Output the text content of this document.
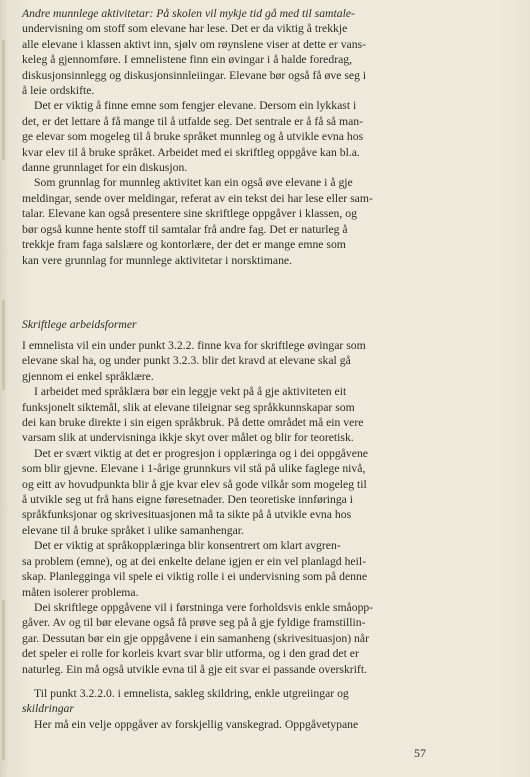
Andre munnlege aktivitetar: På skolen vil mykje tid gå med til samtale-
undervisning om stoff som elevane har lese. Det er da viktig å trekkje
alle elevane i klassen aktivt inn, sjølv om røynslene viser at dette er vans-
keleg å gjennomføre. I emnelistene finn ein øvingar i å halde foredrag,
diskusjonsinnlegg og diskusjonsinnleiingar. Elevane bør også få øve seg i
å leie ordskifte.
Det er viktig å finne emne som fengjer elevane. Dersom ein lykkast i
det, er det lettare å få mange til å utfalde seg. Det sentrale er å få så man-
ge elevar som mogeleg til å bruke språket munnleg og å utvikle evna hos
kvar elev til å bruke språket. Arbeidet med ei skriftleg oppgåve kan bl.a.
danne grunnlaget for ein diskusjon.
Som grunnlag for munnleg aktivitet kan ein også øve elevane i å gje
meldingar, sende over meldingar, referat av ein tekst dei har lese eller sam-
talar. Elevane kan også presentere sine skriftlege oppgåver i klassen, og
bør også kunne hente stoff til samtalar frå andre fag. Det er naturleg å
trekkje fram faga salslære og kontorlære, der det er mange emne som
kan vere grunnlag for munnlege aktivitetar i norsktimane.
Skriftlege arbeidsformer
I emnelista vil ein under punkt 3.2.2. finne kva for skriftlege øvingar som
elevane skal ha, og under punkt 3.2.3. blir det kravd at elevane skal gå
gjennom ei enkel språklære.
I arbeidet med språklæra bør ein leggje vekt på å gje aktiviteten eit
funksjonelt siktemål, slik at elevane tileignar seg språkkunnskapar som
dei kan bruke direkte i sin eigen språkbruk. På dette området må ein vere
varsam slik at undervisninga ikkje skyt over målet og blir for teoretisk.
Det er svært viktig at det er progresjon i opplæringa og i dei oppgåvene
som blir gjevne. Elevane i 1-årige grunnkurs vil stå på ulike faglege nivå,
og eitt av hovudpunkta blir å gje kvar elev så gode vilkår som mogeleg til
å utvikle seg ut frå hans eigne føresetnader. Den teoretiske innføringa i
språkfunksjonar og skrivesituasjonen må ta sikte på å utvikle evna hos
elevane til å bruke språket i ulike samanhengar.
Det er viktig at språkopplæringa blir konsentrert om klart avgren-
sa problem (emne), og at dei enkelte delane igjen er ein vel planlagd heil-
skap. Planlegginga vil spele ei viktig rolle i ei undervisning som på denne
måten isolerer problema.
Dei skriftlege oppgåvene vil i førstninga vere forholdsvis enkle småopp-
gåver. Av og til bør elevane også få prøve seg på å gje fyldige framstillin-
gar. Dessutan bør ein gje oppgåvene i ein samanheng (skrivesituasjon) når
det speler ei rolle for korleis kvart svar blir utforma, og i den grad det er
naturleg. Ein må også utvikle evna til å gje eit svar ei passande overskrift.
Til punkt 3.2.2.0. i emnelista, sakleg skildring, enkle utgreiingar og
skildringar
Her må ein velje oppgåver av forskjellig vanskegrad. Oppgåvetypane
57
